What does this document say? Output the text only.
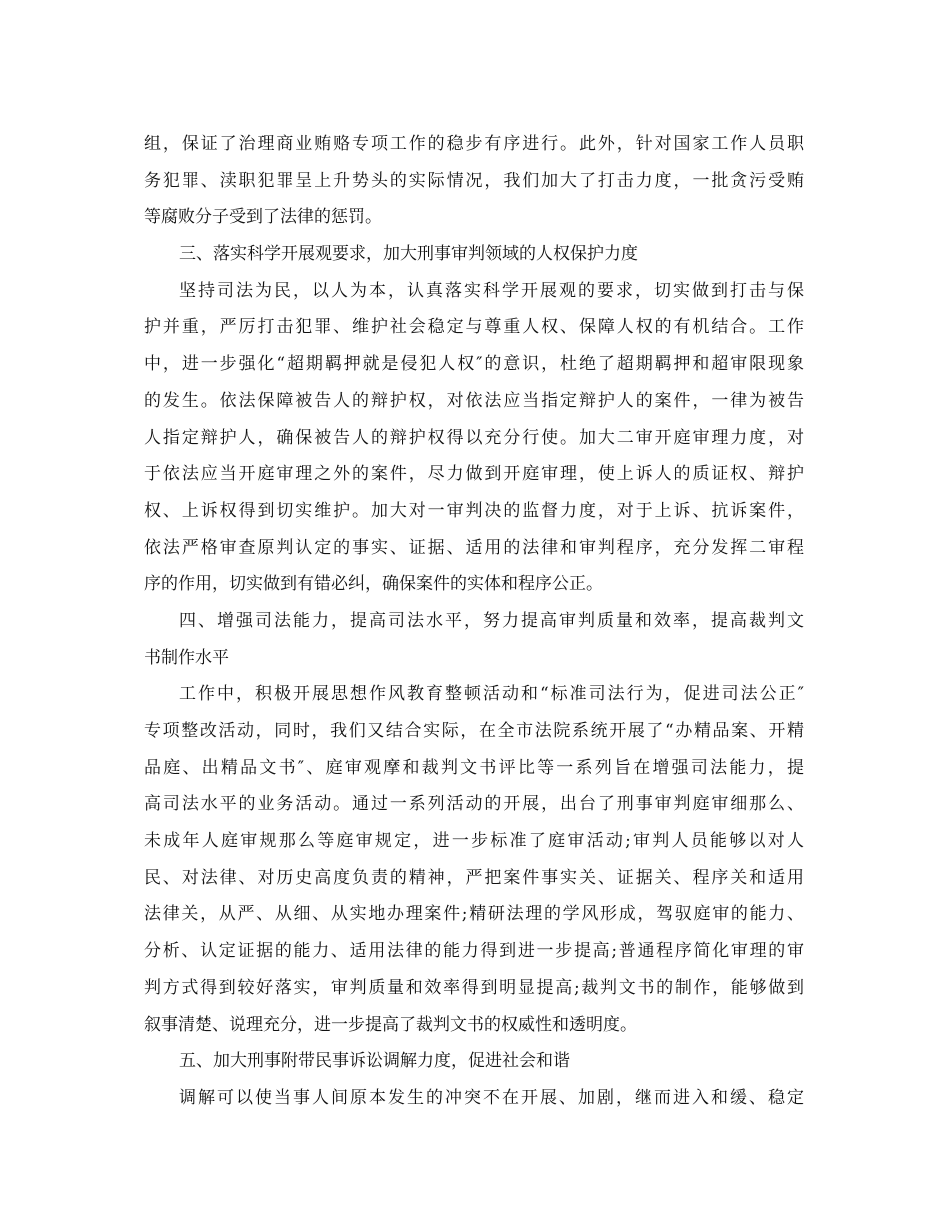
组，保证了治理商业贿赂专项工作的稳步有序进行。此外，针对国家工作人员职
务犯罪、渎职犯罪呈上升势头的实际情况，我们加大了打击力度，一批贪污受贿
等腐败分子受到了法律的惩罚。
三、落实科学开展观要求，加大刑事审判领域的人权保护力度
坚持司法为民，以人为本，认真落实科学开展观的要求，切实做到打击与保
护并重，严厉打击犯罪、维护社会稳定与尊重人权、保障人权的有机结合。工作
中，进一步强化“超期羁押就是侵犯人权″的意识，杜绝了超期羁押和超审限现象
的发生。依法保障被告人的辩护权，对依法应当指定辩护人的案件，一律为被告
人指定辩护人，确保被告人的辩护权得以充分行使。加大二审开庭审理力度，对
于依法应当开庭审理之外的案件，尽力做到开庭审理，使上诉人的质证权、辩护
权、上诉权得到切实维护。加大对一审判决的监督力度，对于上诉、抗诉案件，
依法严格审查原判认定的事实、证据、适用的法律和审判程序，充分发挥二审程
序的作用，切实做到有错必纠，确保案件的实体和程序公正。
四、增强司法能力，提高司法水平，努力提高审判质量和效率，提高裁判文
书制作水平
工作中，积极开展思想作风教育整顿活动和“标准司法行为，促进司法公正″
专项整改活动，同时，我们又结合实际，在全市法院系统开展了“办精品案、开精
品庭、出精品文书″、庭审观摩和裁判文书评比等一系列旨在增强司法能力，提
高司法水平的业务活动。通过一系列活动的开展，出台了刑事审判庭审细那么、
未成年人庭审规那么等庭审规定，进一步标准了庭审活动;审判人员能够以对人
民、对法律、对历史高度负责的精神，严把案件事实关、证据关、程序关和适用
法律关，从严、从细、从实地办理案件;精研法理的学风形成，驾驭庭审的能力、
分析、认定证据的能力、适用法律的能力得到进一步提高;普通程序简化审理的审
判方式得到较好落实，审判质量和效率得到明显提高;裁判文书的制作，能够做到
叙事清楚、说理充分，进一步提高了裁判文书的权威性和透明度。
五、加大刑事附带民事诉讼调解力度，促进社会和谐
调解可以使当事人间原本发生的冲突不在开展、加剧，继而进入和缓、稳定
